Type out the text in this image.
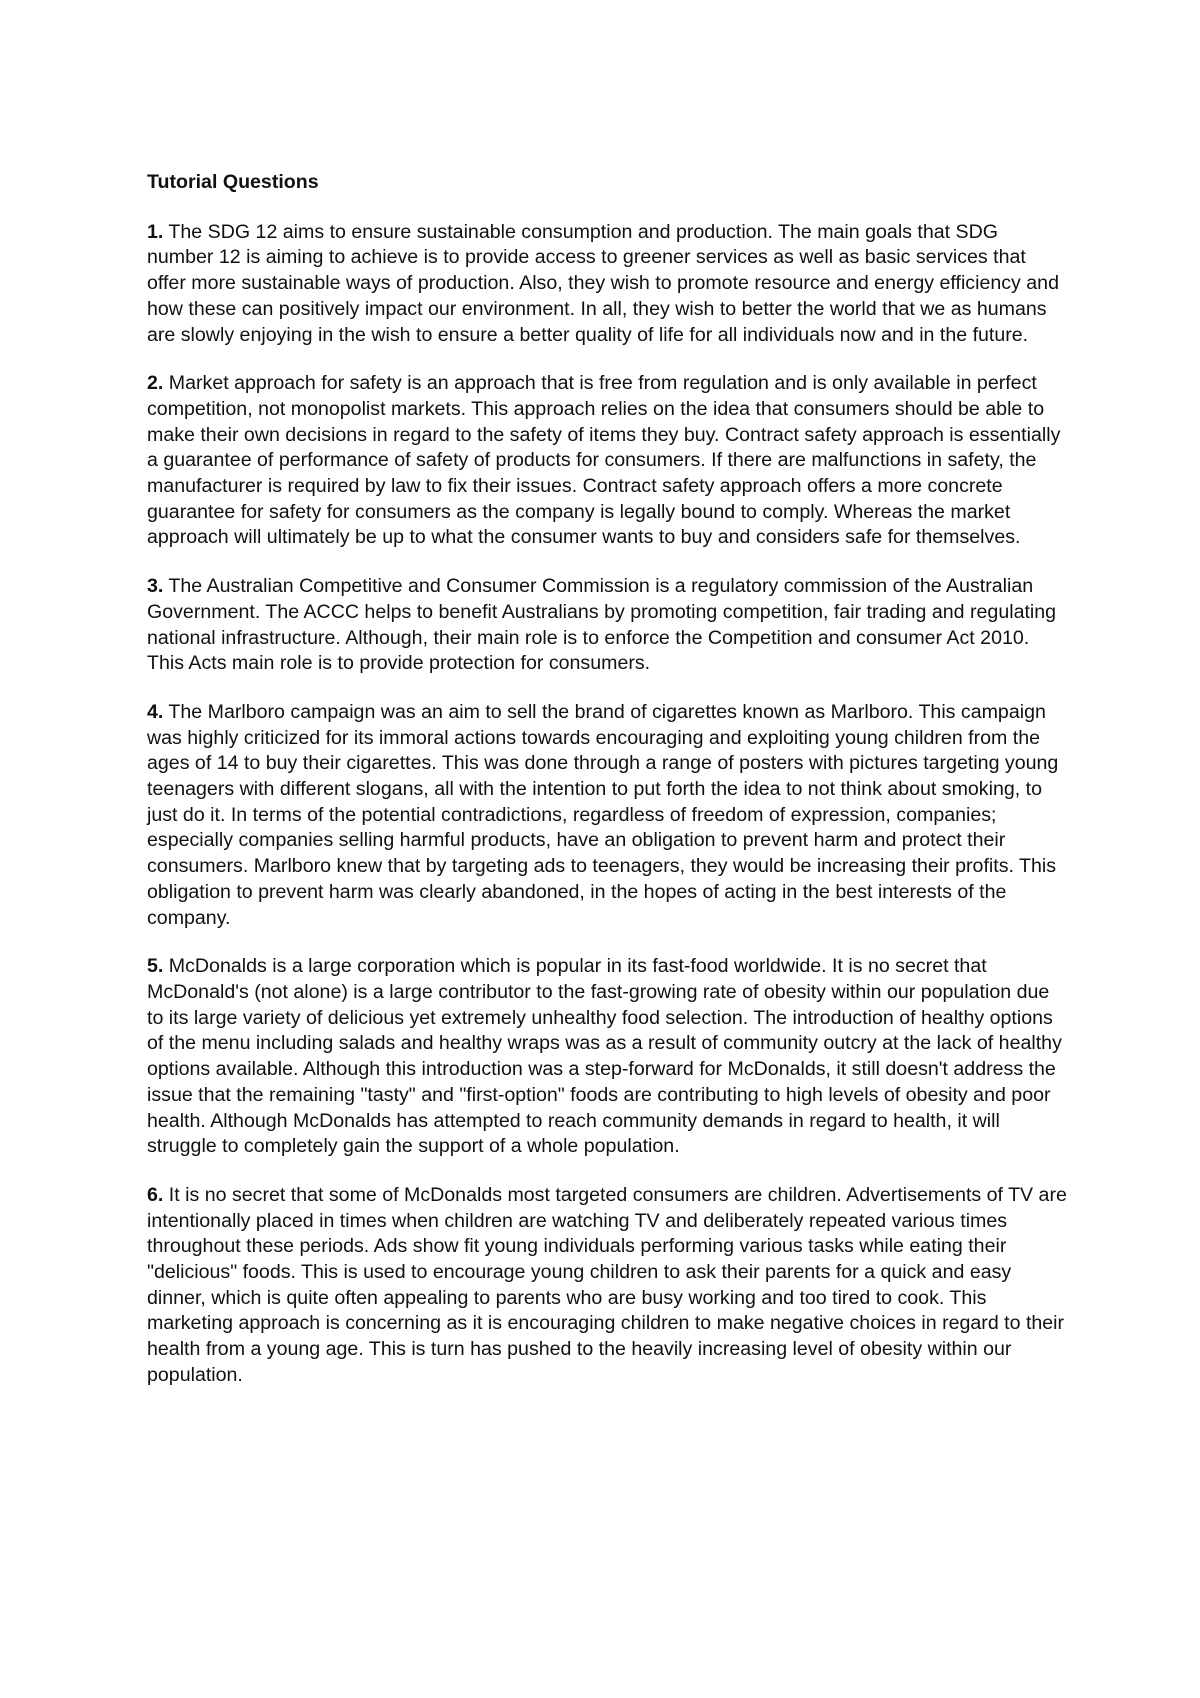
Tutorial Questions

1. The SDG 12 aims to ensure sustainable consumption and production. The main goals that SDG number 12 is aiming to achieve is to provide access to greener services as well as basic services that offer more sustainable ways of production. Also, they wish to promote resource and energy efficiency and how these can positively impact our environment. In all, they wish to better the world that we as humans are slowly enjoying in the wish to ensure a better quality of life for all individuals now and in the future.

2. Market approach for safety is an approach that is free from regulation and is only available in perfect competition, not monopolist markets. This approach relies on the idea that consumers should be able to make their own decisions in regard to the safety of items they buy. Contract safety approach is essentially a guarantee of performance of safety of products for consumers. If there are malfunctions in safety, the manufacturer is required by law to fix their issues. Contract safety approach offers a more concrete guarantee for safety for consumers as the company is legally bound to comply. Whereas the market approach will ultimately be up to what the consumer wants to buy and considers safe for themselves.

3. The Australian Competitive and Consumer Commission is a regulatory commission of the Australian Government. The ACCC helps to benefit Australians by promoting competition, fair trading and regulating national infrastructure. Although, their main role is to enforce the Competition and consumer Act 2010. This Acts main role is to provide protection for consumers.

4. The Marlboro campaign was an aim to sell the brand of cigarettes known as Marlboro. This campaign was highly criticized for its immoral actions towards encouraging and exploiting young children from the ages of 14 to buy their cigarettes. This was done through a range of posters with pictures targeting young teenagers with different slogans, all with the intention to put forth the idea to not think about smoking, to just do it. In terms of the potential contradictions, regardless of freedom of expression, companies; especially companies selling harmful products, have an obligation to prevent harm and protect their consumers. Marlboro knew that by targeting ads to teenagers, they would be increasing their profits. This obligation to prevent harm was clearly abandoned, in the hopes of acting in the best interests of the company.

5. McDonalds is a large corporation which is popular in its fast-food worldwide. It is no secret that McDonald's (not alone) is a large contributor to the fast-growing rate of obesity within our population due to its large variety of delicious yet extremely unhealthy food selection. The introduction of healthy options of the menu including salads and healthy wraps was as a result of community outcry at the lack of healthy options available. Although this introduction was a step-forward for McDonalds, it still doesn't address the issue that the remaining "tasty" and "first-option" foods are contributing to high levels of obesity and poor health. Although McDonalds has attempted to reach community demands in regard to health, it will struggle to completely gain the support of a whole population.

6. It is no secret that some of McDonalds most targeted consumers are children. Advertisements of TV are intentionally placed in times when children are watching TV and deliberately repeated various times throughout these periods. Ads show fit young individuals performing various tasks while eating their "delicious" foods. This is used to encourage young children to ask their parents for a quick and easy dinner, which is quite often appealing to parents who are busy working and too tired to cook. This marketing approach is concerning as it is encouraging children to make negative choices in regard to their health from a young age. This is turn has pushed to the heavily increasing level of obesity within our population.
